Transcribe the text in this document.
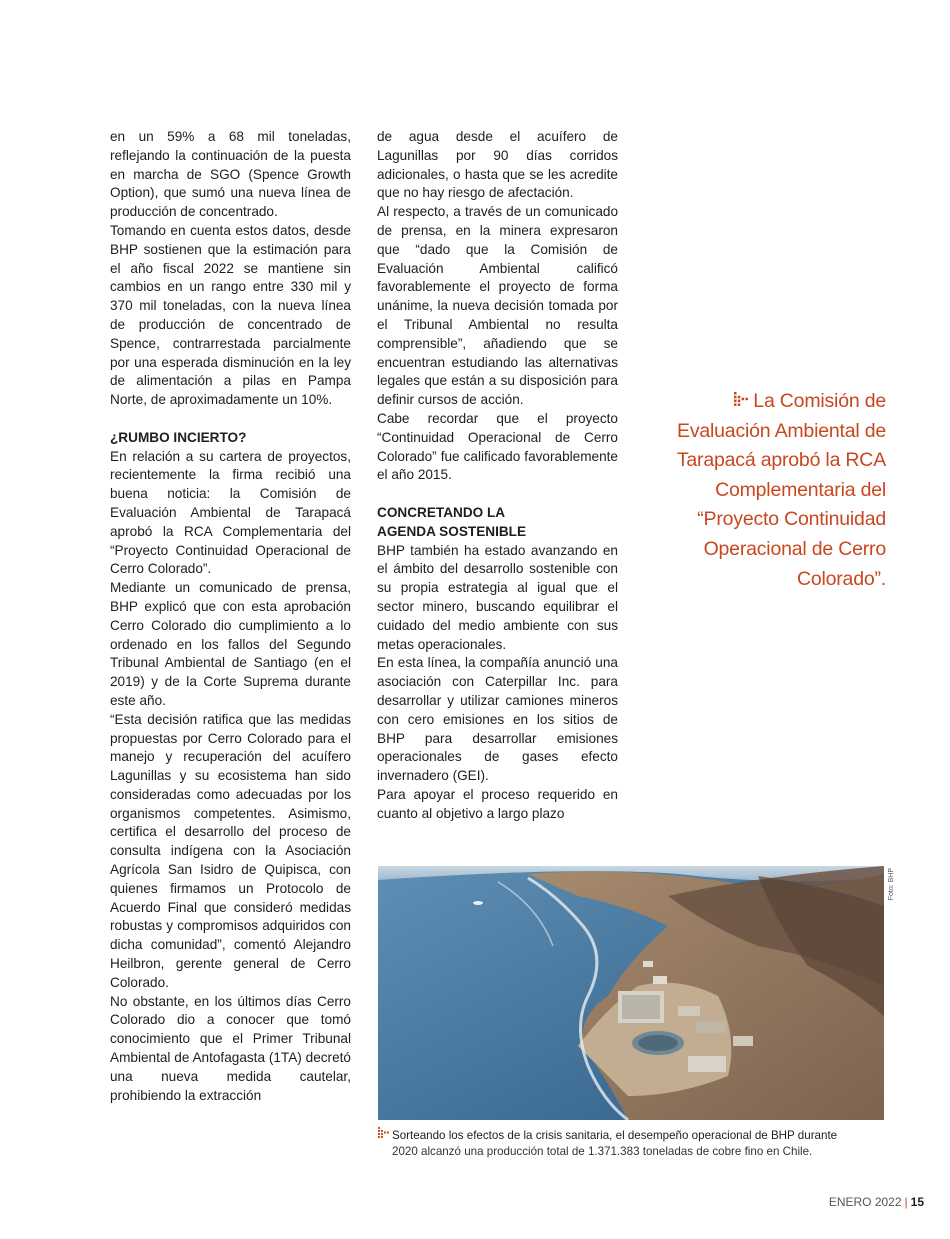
en un 59% a 68 mil toneladas, reflejando la continuación de la puesta en marcha de SGO (Spence Growth Option), que sumó una nueva línea de producción de concentrado.

Tomando en cuenta estos datos, desde BHP sostienen que la estimación para el año fiscal 2022 se mantiene sin cambios en un rango entre 330 mil y 370 mil toneladas, con la nueva línea de producción de concentrado de Spence, contrarrestada parcialmente por una esperada disminución en la ley de alimentación a pilas en Pampa Norte, de aproximadamente un 10%.

¿RUMBO INCIERTO?

En relación a su cartera de proyectos, recientemente la firma recibió una buena noticia: la Comisión de Evaluación Ambiental de Tarapacá aprobó la RCA Complementaria del “Proyecto Continuidad Operacional de Cerro Colorado”.

Mediante un comunicado de prensa, BHP explicó que con esta aprobación Cerro Colorado dio cumplimiento a lo ordenado en los fallos del Segundo Tribunal Ambiental de Santiago (en el 2019) y de la Corte Suprema durante este año.

“Esta decisión ratifica que las medidas propuestas por Cerro Colorado para el manejo y recuperación del acuífero Lagunillas y su ecosistema han sido consideradas como adecuadas por los organismos competentes. Asimismo, certifica el desarrollo del proceso de consulta indígena con la Asociación Agrícola San Isidro de Quipisca, con quienes firmamos un Protocolo de Acuerdo Final que consideró medidas robustas y compromisos adquiridos con dicha comunidad”, comentó Alejandro Heilbron, gerente general de Cerro Colorado.

No obstante, en los últimos días Cerro Colorado dio a conocer que tomó conocimiento que el Primer Tribunal Ambiental de Antofagasta (1TA) decretó una nueva medida cautelar, prohibiendo la extracción

de agua desde el acuífero de Lagunillas por 90 días corridos adicionales, o hasta que se les acredite que no hay riesgo de afectación.

Al respecto, a través de un comunicado de prensa, en la minera expresaron que “dado que la Comisión de Evaluación Ambiental calificó favorablemente el proyecto de forma unánime, la nueva decisión tomada por el Tribunal Ambiental no resulta comprensible”, añadiendo que se encuentran estudiando las alternativas legales que están a su disposición para definir cursos de acción.

Cabe recordar que el proyecto “Continuidad Operacional de Cerro Colorado” fue calificado favorablemente el año 2015.

CONCRETANDO LA AGENDA SOSTENIBLE

BHP también ha estado avanzando en el ámbito del desarrollo sostenible con su propia estrategia al igual que el sector minero, buscando equilibrar el cuidado del medio ambiente con sus metas operacionales.

En esta línea, la compañía anunció una asociación con Caterpillar Inc. para desarrollar y utilizar camiones mineros con cero emisiones en los sitios de BHP para desarrollar emisiones operacionales de gases efecto invernadero (GEI).

Para apoyar el proceso requerido en cuanto al objetivo a largo plazo

La Comisión de Evaluación Ambiental de Tarapacá aprobó la RCA Complementaria del “Proyecto Continuidad Operacional de Cerro Colorado”.
Foto: BHP
Sorteando los efectos de la crisis sanitaria, el desempeño operacional de BHP durante
2020 alcanzó una producción total de 1.371.383 toneladas de cobre fino en Chile.
ENERO 2022 | 15
